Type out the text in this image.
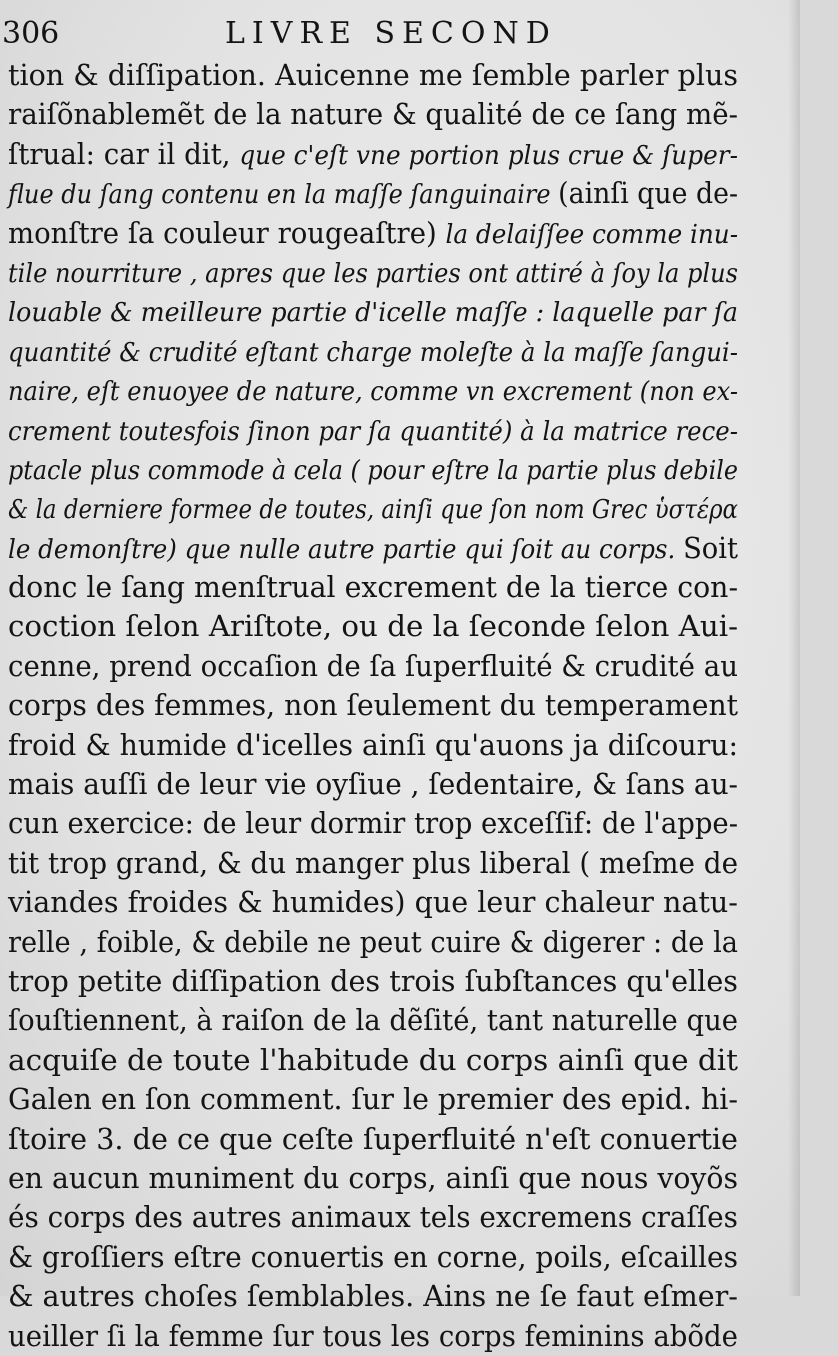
306	LIVRE SECOND
tion & diſſipation. Auicenne me ſemble parler plus
raiſõnablemẽt de la nature & qualité de ce ſang mẽ-
ſtrual: car il dit, que c'eſt vne portion plus crue & ſuper-
flue du ſang contenu en la maſſe ſanguinaire (ainſi que de-
monſtre ſa couleur rougeaſtre) la delaiſſee comme inu-
tile nourriture , apres que les parties ont attiré à ſoy la plus
louable & meilleure partie d'icelle maſſe : laquelle par ſa
quantité & crudité eſtant charge moleſte à la maſſe ſangui-
naire, eſt enuoyee de nature, comme vn excrement (non ex-
crement toutesfois ſinon par ſa quantité) à la matrice rece-
ptacle plus commode à cela ( pour eſtre la partie plus debile
& la derniere formee de toutes, ainſi que ſon nom Grec ὑστέρα
le demonſtre) que nulle autre partie qui ſoit au corps. Soit
donc le ſang menſtrual excrement de la tierce con-
coction ſelon Ariſtote, ou de la ſeconde ſelon Aui-
cenne, prend occaſion de ſa ſuperfluité & crudité au
corps des femmes, non ſeulement du temperament
froid & humide d'icelles ainſi qu'auons ja diſcouru:
mais auſſi de leur vie oyſiue , ſedentaire, & ſans au-
cun exercice: de leur dormir trop exceſſif: de l'appe-
tit trop grand, & du manger plus liberal ( meſme de
viandes froides & humides) que leur chaleur natu-
relle , foible, & debile ne peut cuire & digerer : de la
trop petite diſſipation des trois ſubſtances qu'elles
ſouſtiennent, à raiſon de la dẽſité, tant naturelle que
acquiſe de toute l'habitude du corps ainſi que dit
Galen en ſon comment. ſur le premier des epid. hi-
ſtoire 3. de ce que ceſte ſuperfluité n'eſt conuertie
en aucun muniment du corps, ainſi que nous voyõs
és corps des autres animaux tels excremens craſſes
& groſſiers eſtre conuertis en corne, poils, eſcailles
& autres choſes ſemblables. Ains ne ſe faut eſmer-
ueiller ſi la femme ſur tous les corps feminins abõde
